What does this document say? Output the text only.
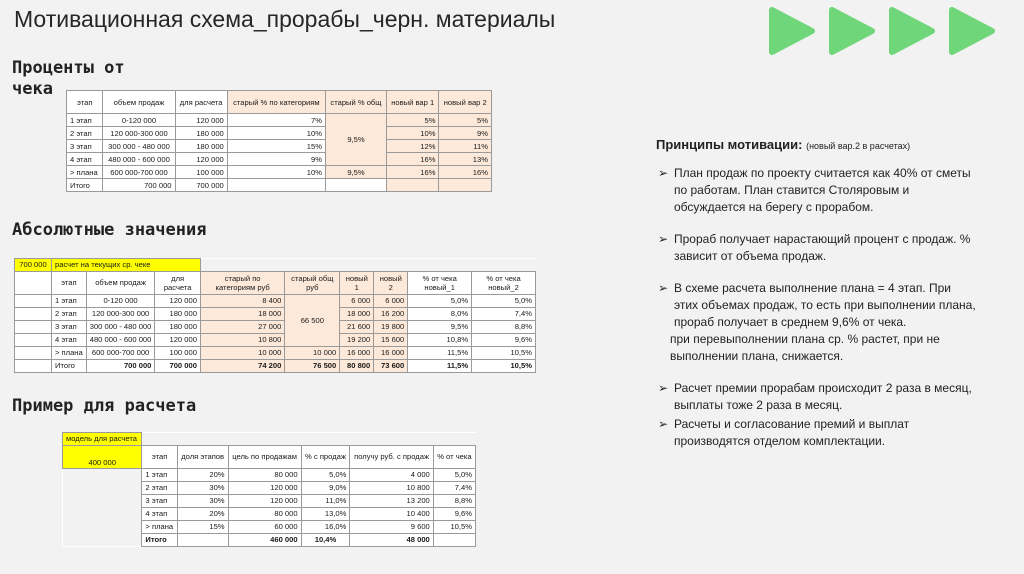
Мотивационная схема_прорабы_черн. материалы
Проценты от
чека
этап	объем продаж	для расчета	старый % по категориям	старый % общ	новый вар 1	новый вар 2
1 этап	0-120 000	120 000	7%	9,5%	5%	5%
2 этап	120 000-300 000	180 000	10%		10%	9%
3 этап	300 000 - 480 000	180 000	15%		12%	11%
4 этап	480 000 - 600 000	120 000	9%		16%	13%
> плана	600 000-700 000	100 000	10%	9,5%	16%	16%
Итого	700 000	700 000				
Абсолютные значения
700 000	расчет на текущих ср. чеке								
	этап	объем продаж	для расчета	старый по категориям руб	старый общ руб	новый 1	новый 2	% от чека новый_1	% от чека новый_2
	1 этап	0-120 000	120 000	8 400	66 500	6 000	6 000	5,0%	5,0%
	2 этап	120 000-300 000	180 000	18 000		18 000	16 200	8,0%	7,4%
	3 этап	300 000 - 480 000	180 000	27 000		21 600	19 800	9,5%	8,8%
	4 этап	480 000 - 600 000	120 000	10 800		19 200	15 600	10,8%	9,6%
	> плана	600 000-700 000	100 000	10 000	10 000	16 000	16 000	11,5%	10,5%
	Итого	700 000	700 000	74 200	76 500	80 800	73 600	11,5%	10,5%
Пример для расчета
модель для расчета						
400 000	этап	доля этапов	цель по продажам	% с продаж	получу руб. с продаж	% от чека
	1 этап	20%	80 000	5,0%	4 000	5,0%
	2 этап	30%	120 000	9,0%	10 800	7,4%
	3 этап	30%	120 000	11,0%	13 200	8,8%
	4 этап	20%	80 000	13,0%	10 400	9,6%
	> плана	15%	60 000	16,0%	9 600	10,5%
	Итого		460 000	10,4%	48 000	
Принципы мотивации: (новый вар.2 в расчетах)
➢ План продаж по проекту считается как 40% от сметы по работам. План ставится Столяровым и обсуждается на берегу с прорабом.
➢ Прораб получает нарастающий процент с продаж. % зависит от объема продаж.
➢ В схеме расчета выполнение плана = 4 этап. При этих объемах продаж, то есть при выполнении плана, прораб получает в среднем 9,6% от чека.
при перевыполнении плана ср. % растет, при не выполнении плана, снижается.
➢ Расчет премии прорабам происходит 2 раза в месяц, выплаты тоже 2 раза в месяц.
➢ Расчеты и согласование премий и выплат производятся отделом комплектации.
